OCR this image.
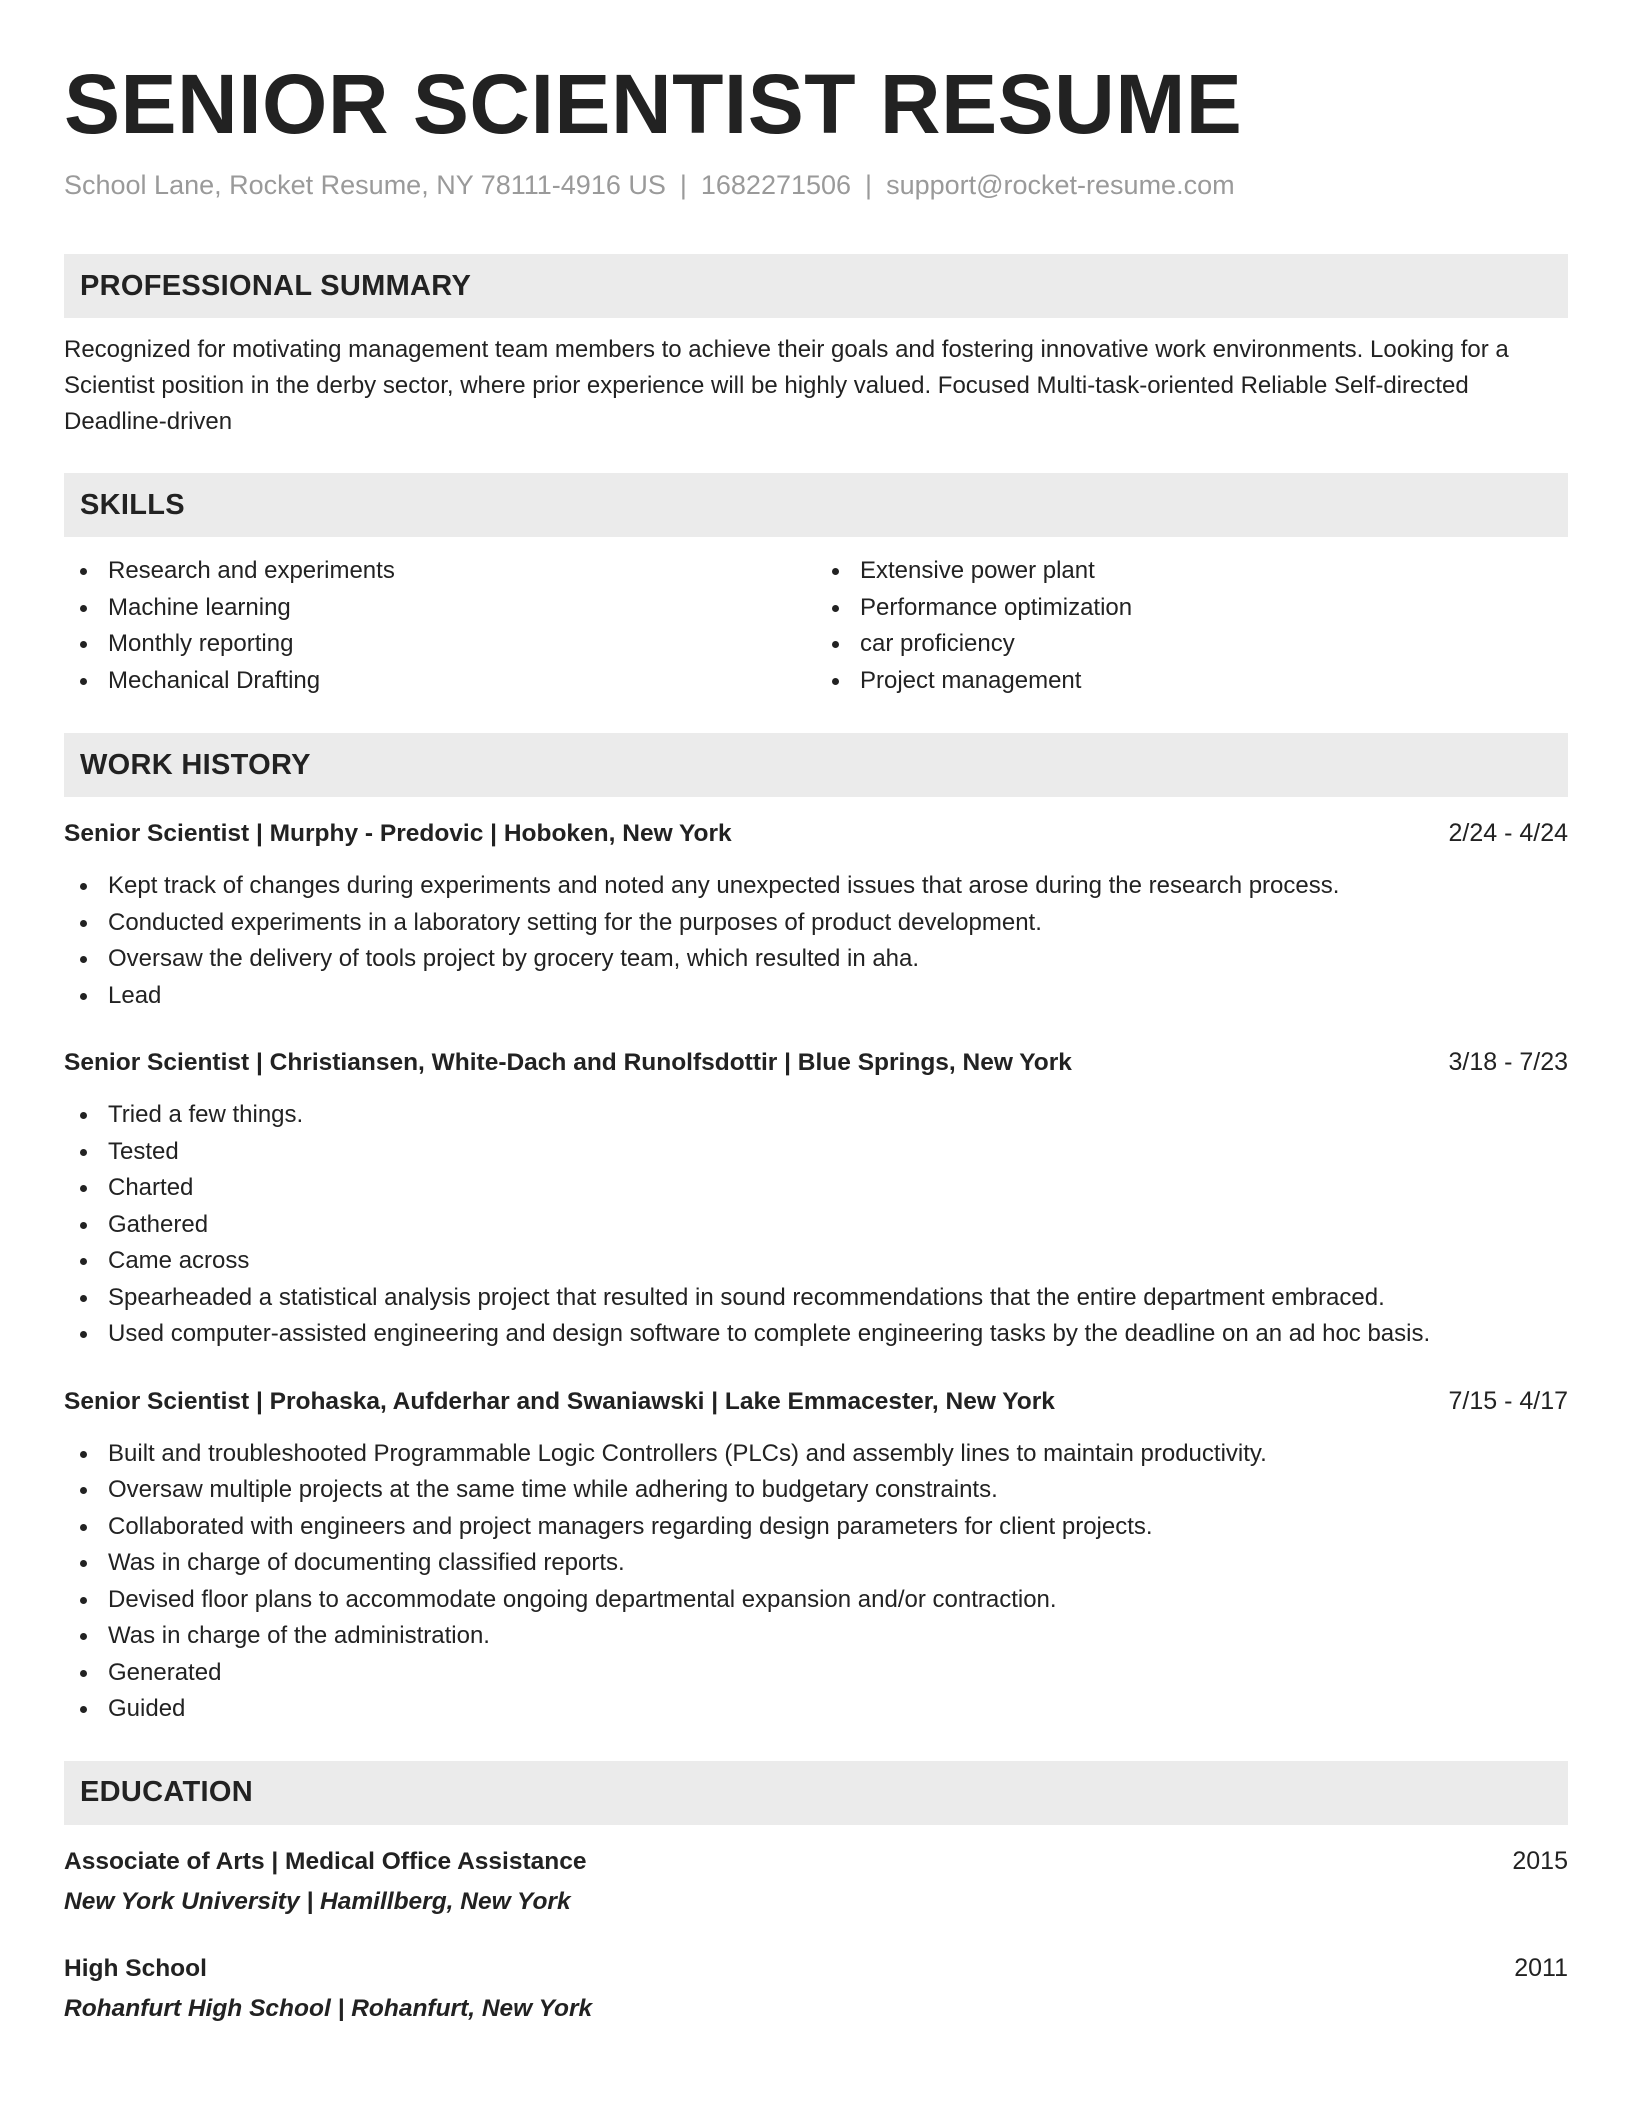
SENIOR SCIENTIST RESUME
School Lane, Rocket Resume, NY 78111-4916 US | 1682271506 | support@rocket-resume.com
PROFESSIONAL SUMMARY

Recognized for motivating management team members to achieve their goals and fostering innovative work environments. Looking for a Scientist position in the derby sector, where prior experience will be highly valued. Focused Multi-task-oriented Reliable Self-directed Deadline-driven

SKILLS
Research and experiments
Machine learning
Monthly reporting
Mechanical Drafting
Extensive power plant
Performance optimization
car proficiency
Project management
WORK HISTORY
Senior Scientist | Murphy - Predovic | Hoboken, New York	2/24 - 4/24
Kept track of changes during experiments and noted any unexpected issues that arose during the research process.
Conducted experiments in a laboratory setting for the purposes of product development.
Oversaw the delivery of tools project by grocery team, which resulted in aha.
Lead
Senior Scientist | Christiansen, White-Dach and Runolfsdottir | Blue Springs, New York	3/18 - 7/23
Tried a few things.
Tested
Charted
Gathered
Came across
Spearheaded a statistical analysis project that resulted in sound recommendations that the entire department embraced.
Used computer-assisted engineering and design software to complete engineering tasks by the deadline on an ad hoc basis.
Senior Scientist | Prohaska, Aufderhar and Swaniawski | Lake Emmacester, New York	7/15 - 4/17
Built and troubleshooted Programmable Logic Controllers (PLCs) and assembly lines to maintain productivity.
Oversaw multiple projects at the same time while adhering to budgetary constraints.
Collaborated with engineers and project managers regarding design parameters for client projects.
Was in charge of documenting classified reports.
Devised floor plans to accommodate ongoing departmental expansion and/or contraction.
Was in charge of the administration.
Generated
Guided
EDUCATION
Associate of Arts | Medical Office Assistance	2015
New York University | Hamillberg, New York
High School	2011
Rohanfurt High School | Rohanfurt, New York
